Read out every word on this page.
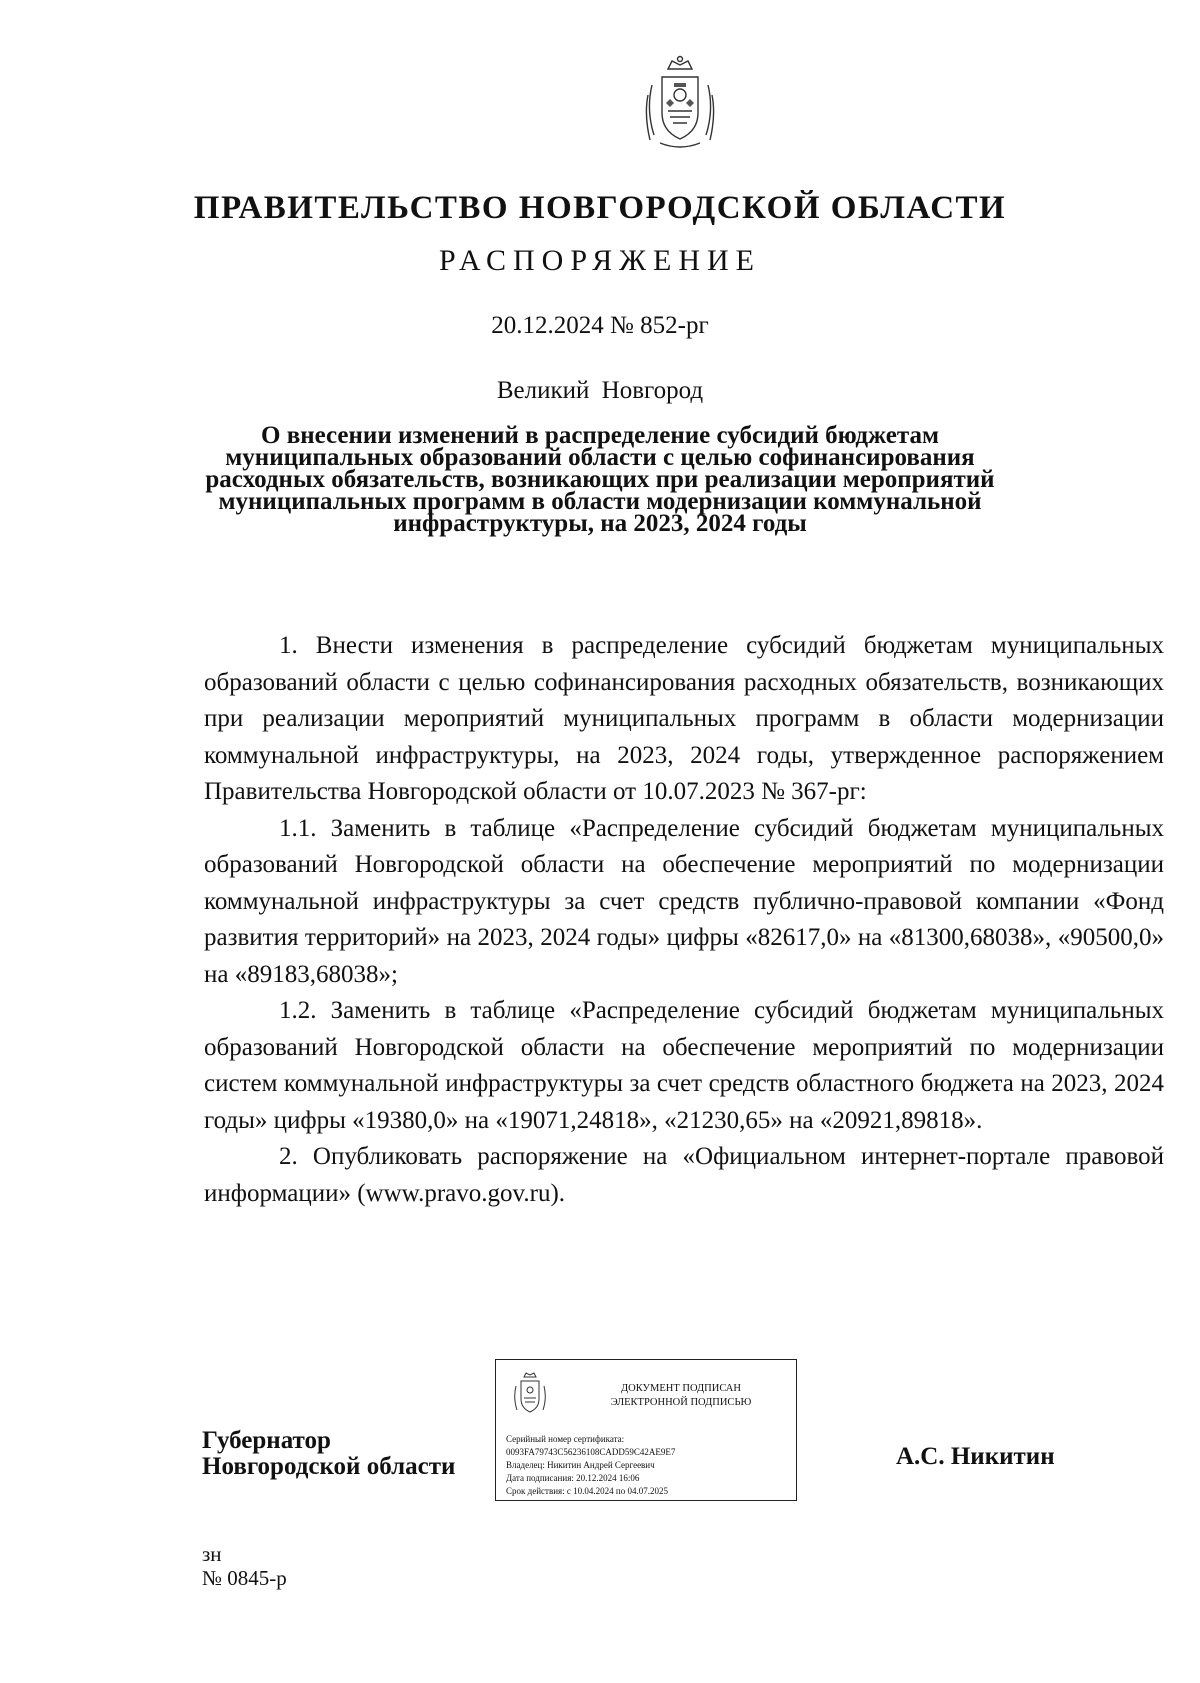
ПРАВИТЕЛЬСТВО НОВГОРОДСКОЙ ОБЛАСТИ
РАСПОРЯЖЕНИЕ
20.12.2024 № 852-рг
Великий Новгород
О внесении изменений в распределение субсидий бюджетам
муниципальных образований области с целью софинансирования
расходных обязательств, возникающих при реализации мероприятий
муниципальных программ в области модернизации коммунальной
инфраструктуры, на 2023, 2024 годы

1. Внести изменения в распределение субсидий бюджетам муниципальных образований области с целью софинансирования расходных обязательств, возникающих при реализации мероприятий муниципальных программ в области модернизации коммунальной инфраструктуры, на 2023, 2024 годы, утвержденное распоряжением Правительства Новгородской области от 10.07.2023 № 367-рг:

1.1. Заменить в таблице «Распределение субсидий бюджетам муниципальных образований Новгородской области на обеспечение мероприятий по модернизации коммунальной инфраструктуры за счет средств публично-правовой компании «Фонд развития территорий» на 2023, 2024 годы» цифры «82617,0» на «81300,68038», «90500,0» на «89183,68038»;

1.2. Заменить в таблице «Распределение субсидий бюджетам муниципальных образований Новгородской области на обеспечение мероприятий по модернизации систем коммунальной инфраструктуры за счет средств областного бюджета на 2023, 2024 годы» цифры «19380,0» на «19071,24818», «21230,65» на «20921,89818».

2. Опубликовать распоряжение на «Официальном интернет-портале правовой информации» (www.pravo.gov.ru).

Губернатор
Новгородской области
ДОКУМЕНТ ПОДПИСАН
ЭЛЕКТРОННОЙ ПОДПИСЬЮ
Серийный номер сертификата:
0093FA79743C56236108CADD59C42AE9E7
Владелец: Никитин Андрей Сергеевич
Дата подписания: 20.12.2024 16:06
Срок действия: с 10.04.2024 по 04.07.2025
А.С. Никитин
зн
№ 0845-р
